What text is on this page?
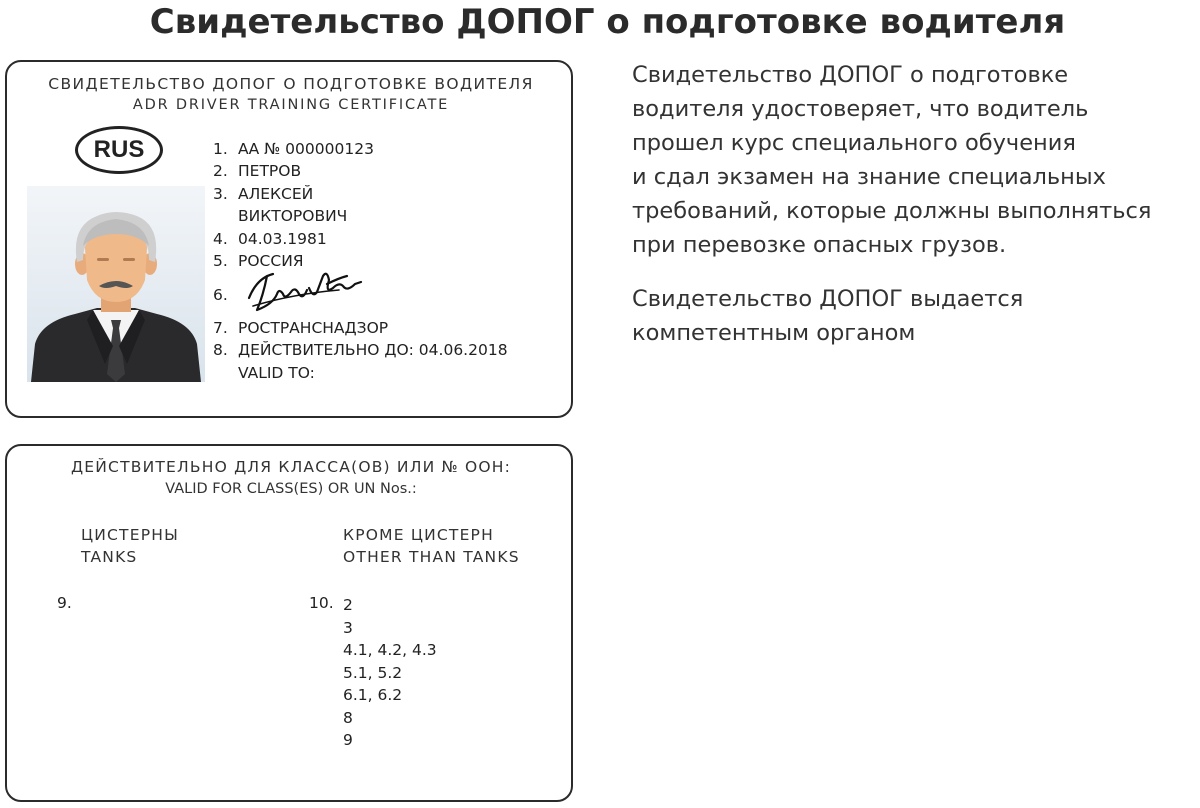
Свидетельство ДОПОГ о подготовке водителя
СВИДЕТЕЛЬСТВО ДОПОГ О ПОДГОТОВКЕ ВОДИТЕЛЯ
ADR DRIVER TRAINING CERTIFICATE
RUS	1. АА № 000000123
2. ПЕТРОВ
3. АЛЕКСЕЙ
ВИКТОРОВИЧ
4. 04.03.1981
5. РОССИЯ
6.
7. РОСТРАНСНАДЗОР
8. ДЕЙСТВИТЕЛЬНО ДО: 04.06.2018
VALID TO:
ДЕЙСТВИТЕЛЬНО ДЛЯ КЛАССА(ОВ) ИЛИ № ООН:
VALID FOR CLASS(ES) OR UN Nos.:
ЦИСТЕРНЫ
TANKS
КРОМЕ ЦИСТЕРН
OTHER THAN TANKS
9.	10. 2
3
4.1, 4.2, 4.3
5.1, 5.2
6.1, 6.2
8
9

Свидетельство ДОПОГ о подготовке
водителя удостоверяет, что водитель
прошел курс специального обучения
и сдал экзамен на знание специальных
требований, которые должны выполняться
при перевозке опасных грузов.

Свидетельство ДОПОГ выдается
компетентным органом
